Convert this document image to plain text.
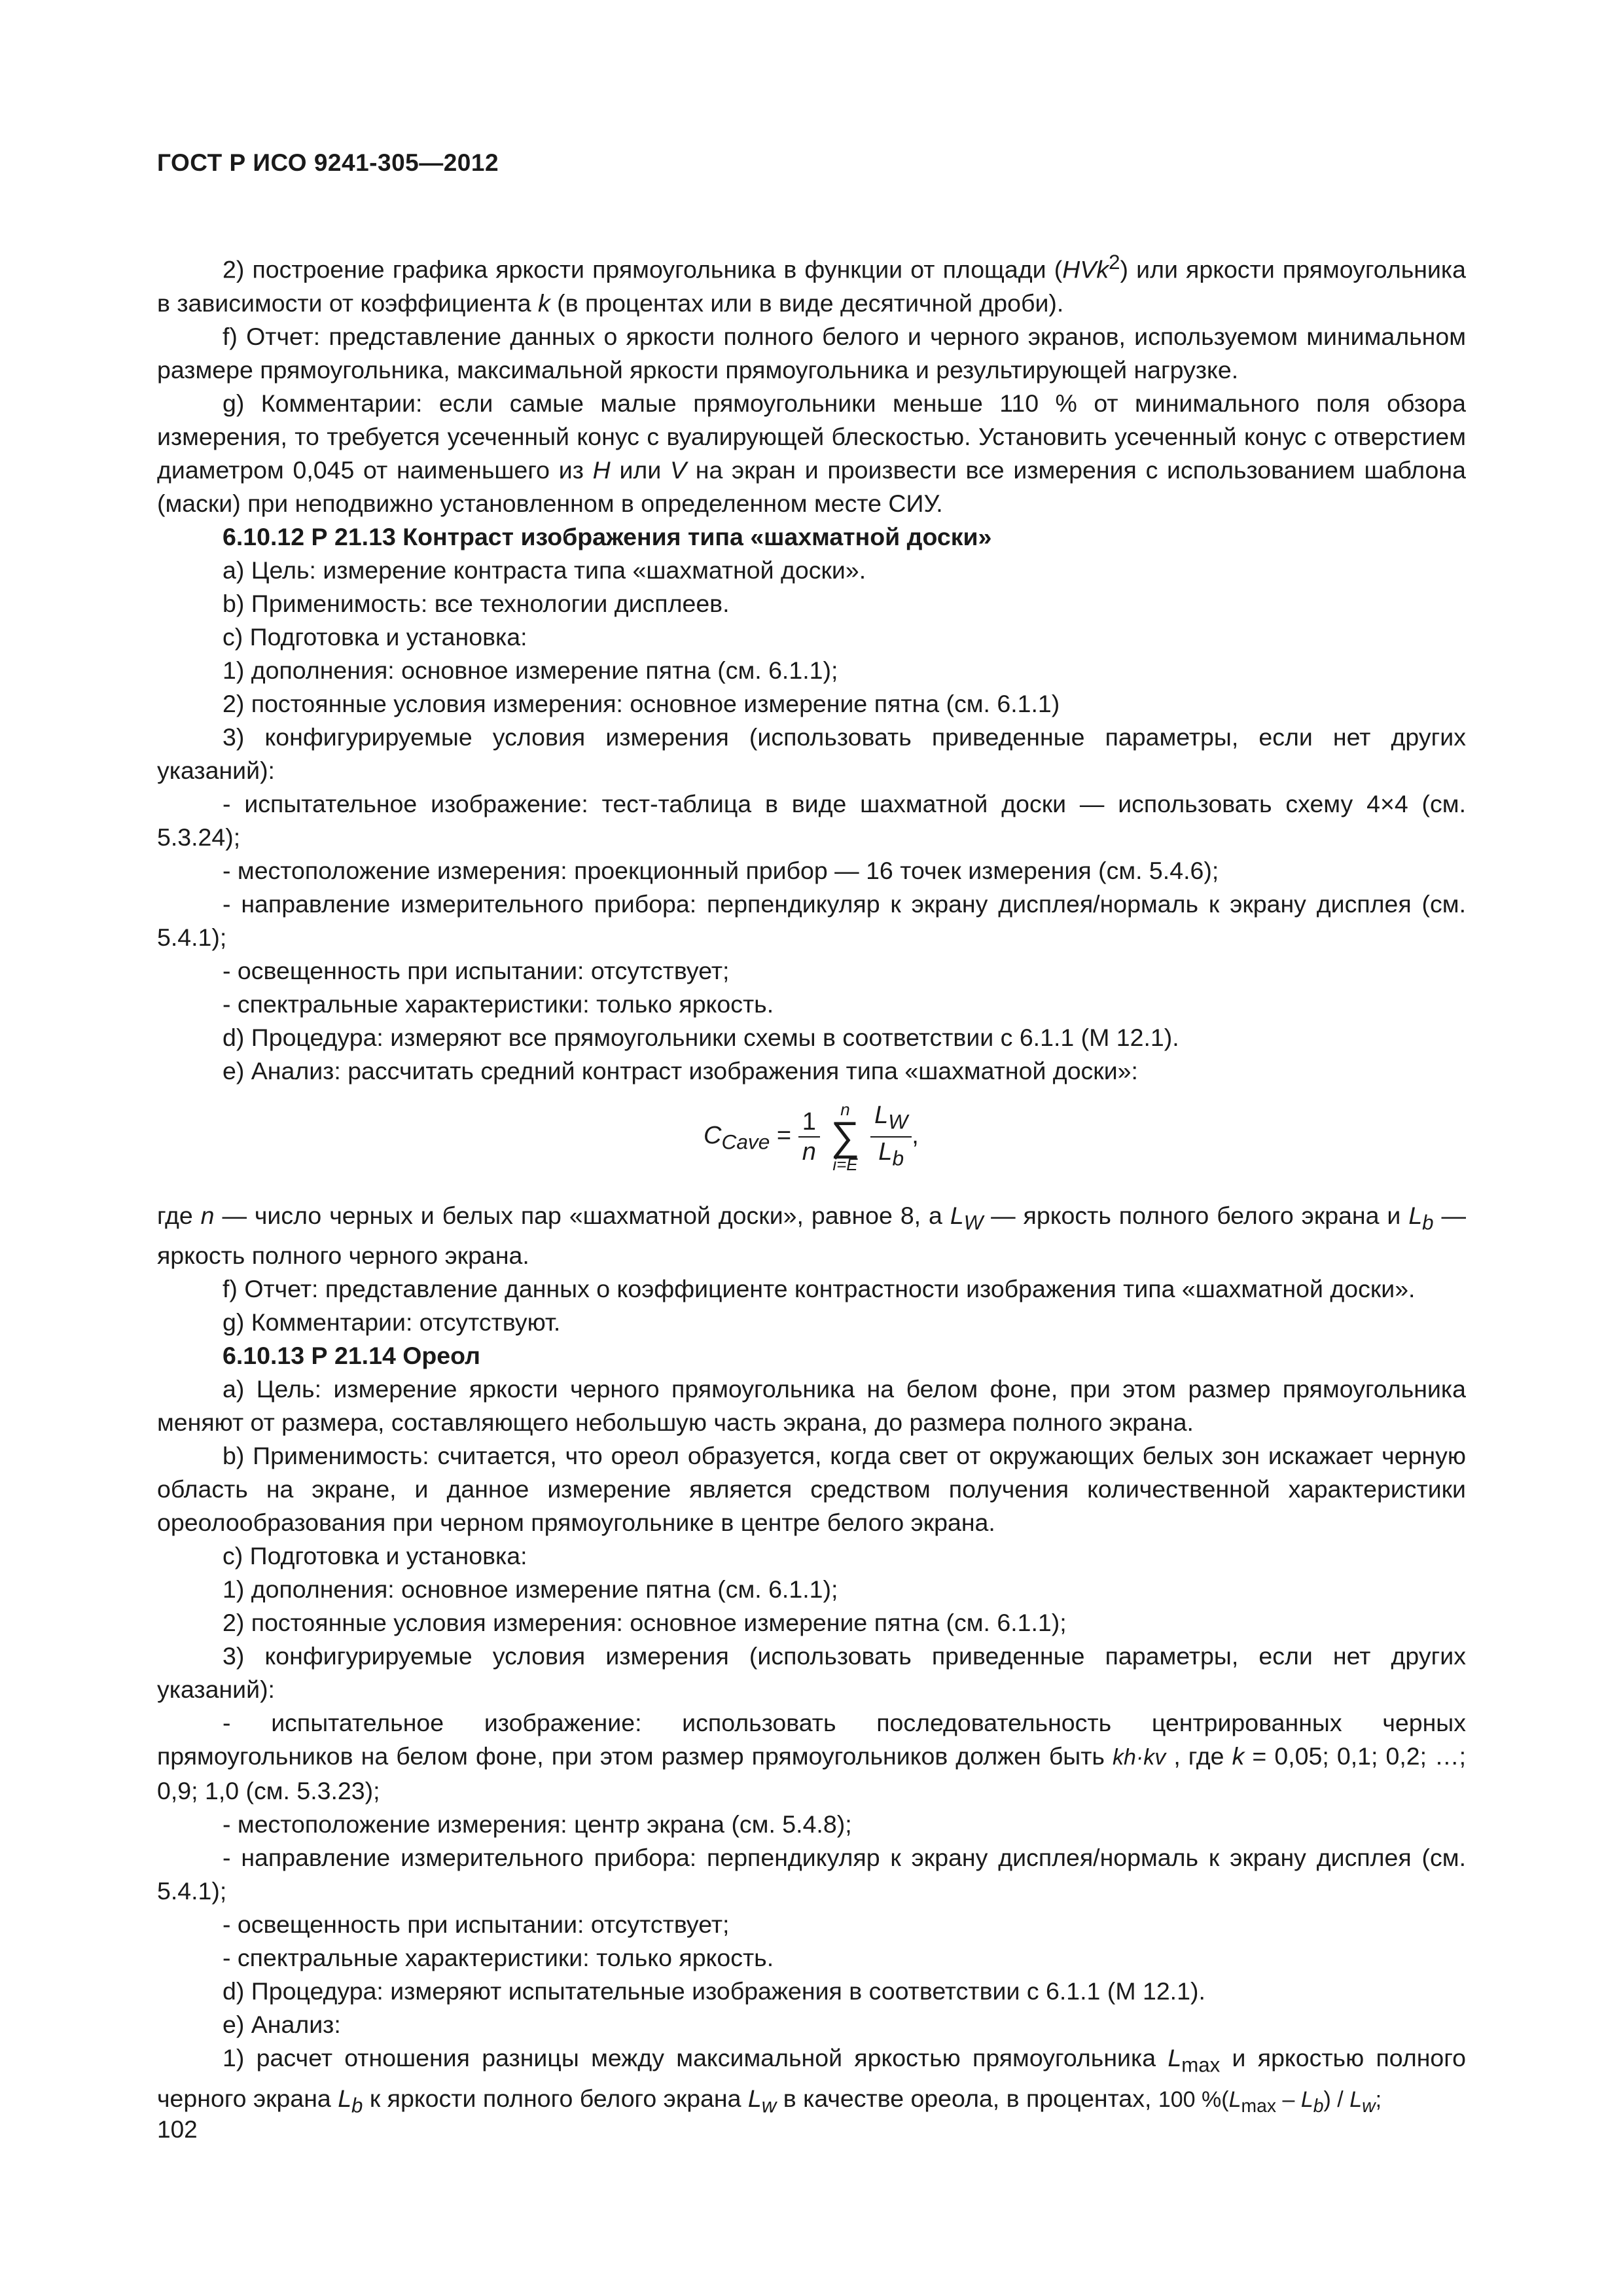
ГОСТ Р ИСО 9241-305—2012

2) построение графика яркости прямоугольника в функции от площади (HVk$^2$) или яркости прямоугольника в зависимости от коэффициента k (в процентах или в виде десятичной дроби).

f) Отчет: представление данных о яркости полного белого и черного экранов, используемом минимальном размере прямоугольника, максимальной яркости прямоугольника и результирующей нагрузке.

g) Комментарии: если самые малые прямоугольники меньше 110 % от минимального поля обзора измерения, то требуется усеченный конус с вуалирующей блескостью. Установить усеченный конус с отверстием диаметром 0,045 от наименьшего из H или V на экран и произвести все измерения с использованием шаблона (маски) при неподвижно установленном в определенном месте СИУ.

6.10.12 Р 21.13 Контраст изображения типа «шахматной доски»

a) Цель: измерение контраста типа «шахматной доски».

b) Применимость: все технологии дисплеев.

c) Подготовка и установка:

1) дополнения: основное измерение пятна (см. 6.1.1);

2) постоянные условия измерения: основное измерение пятна (см. 6.1.1)

3) конфигурируемые условия измерения (использовать приведенные параметры, если нет других указаний):

- испытательное изображение: тест-таблица в виде шахматной доски — использовать схему 4×4 (см. 5.3.24);

- местоположение измерения: проекционный прибор — 16 точек измерения (см. 5.4.6);

- направление измерительного прибора: перпендикуляр к экрану дисплея/нормаль к экрану дисплея (см. 5.4.1);

- освещенность при испытании: отсутствует;

- спектральные характеристики: только яркость.

d) Процедура: измеряют все прямоугольники схемы в соответствии с 6.1.1 (М 12.1).

e) Анализ: рассчитать средний контраст изображения типа «шахматной доски»:

$C_{Cave} = \frac{1}{n}$
	n
∑
i=E
$\frac{L_W}{L_b}$ ,

где n — число черных и белых пар «шахматной доски», равное 8, а $L_W$ — яркость полного белого экрана и $L_b$ — яркость полного черного экрана.

f) Отчет: представление данных о коэффициенте контрастности изображения типа «шахматной доски».

g) Комментарии: отсутствуют.

6.10.13 Р 21.14 Ореол

a) Цель: измерение яркости черного прямоугольника на белом фоне, при этом размер прямоугольника меняют от размера, составляющего небольшую часть экрана, до размера полного экрана.

b) Применимость: считается, что ореол образуется, когда свет от окружающих белых зон искажает черную область на экране, и данное измерение является средством получения количественной характеристики ореолообразования при черном прямоугольнике в центре белого экрана.

c) Подготовка и установка:

1) дополнения: основное измерение пятна (см. 6.1.1);

2) постоянные условия измерения: основное измерение пятна (см. 6.1.1);

3) конфигурируемые условия измерения (использовать приведенные параметры, если нет других указаний):

- испытательное изображение: использовать последовательность центрированных черных прямоугольников на белом фоне, при этом размер прямоугольников должен быть kh·kv , где k = 0,05; 0,1; 0,2; …; 0,9; 1,0 (см. 5.3.23);

- местоположение измерения: центр экрана (см. 5.4.8);

- направление измерительного прибора: перпендикуляр к экрану дисплея/нормаль к экрану дисплея (см. 5.4.1);

- освещенность при испытании: отсутствует;

- спектральные характеристики: только яркость.

d) Процедура: измеряют испытательные изображения в соответствии с 6.1.1 (М 12.1).

e) Анализ:

1) расчет отношения разницы между максимальной яркостью прямоугольника $L_{max}$ и яркостью полного черного экрана $L_b$ к яркости полного белого экрана $L_w$ в качестве ореола, в процентах, 100 $\%(L_{max} - L_b) / L_w$;

102
